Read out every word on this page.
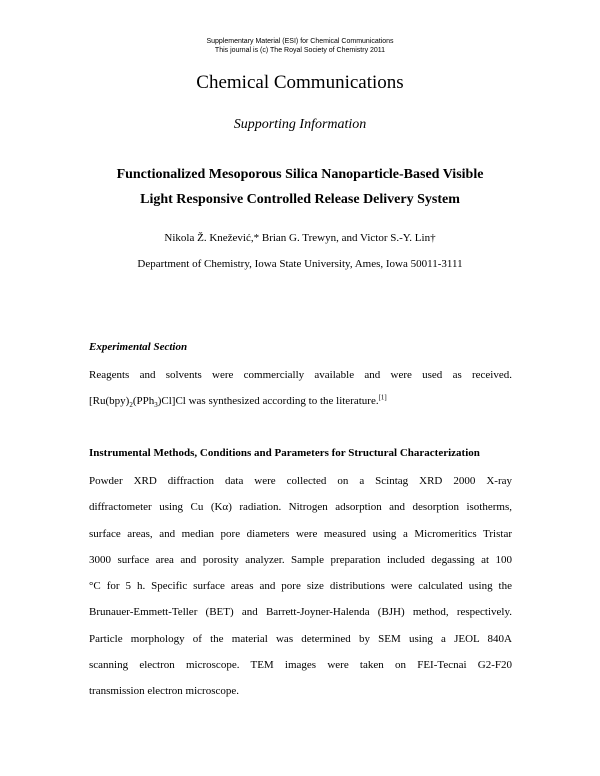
Supplementary Material (ESI) for Chemical Communications
This journal is (c) The Royal Society of Chemistry 2011
Chemical Communications
Supporting Information
Functionalized Mesoporous Silica Nanoparticle-Based Visible
Light Responsive Controlled Release Delivery System
Nikola Ž. Knežević,* Brian G. Trewyn, and Victor S.-Y. Lin†
Department of Chemistry, Iowa State University, Ames, Iowa 50011-3111
Experimental Section
Reagents and solvents were commercially available and were used as received.
$[Ru(bpy)_2(PPh_3)Cl]Cl$ was synthesized according to the literature.[1]
Instrumental Methods, Conditions and Parameters for Structural Characterization
Powder XRD diffraction data were collected on a Scintag XRD 2000 X-ray
diffractometer using Cu (Kα) radiation. Nitrogen adsorption and desorption isotherms,
surface areas, and median pore diameters were measured using a Micromeritics Tristar
3000 surface area and porosity analyzer. Sample preparation included degassing at 100
°C for 5 h. Specific surface areas and pore size distributions were calculated using the
Brunauer-Emmett-Teller (BET) and Barrett-Joyner-Halenda (BJH) method, respectively.
Particle morphology of the material was determined by SEM using a JEOL 840A
scanning electron microscope. TEM images were taken on FEI-Tecnai G2-F20
transmission electron microscope.
